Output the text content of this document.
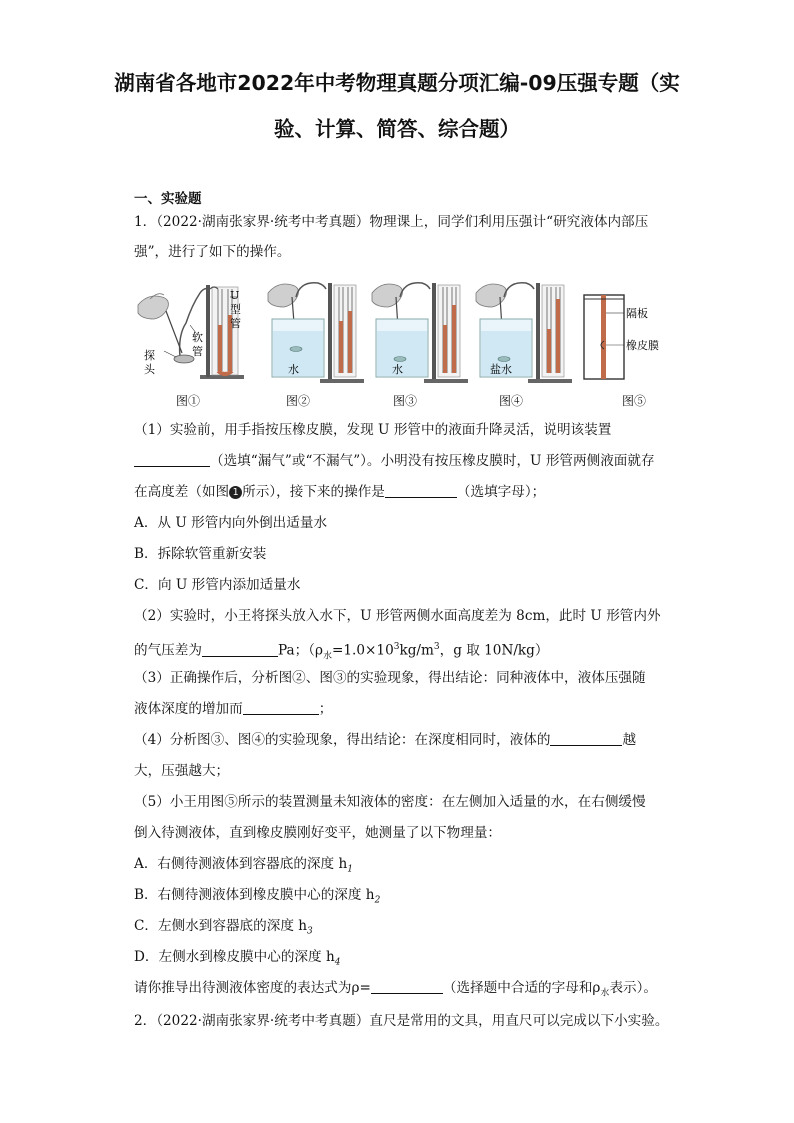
湖南省各地市2022年中考物理真题分项汇编-09压强专题（实
验、计算、简答、综合题）
一、实验题
1．（2022·湖南张家界·统考中考真题）物理课上，同学们利用压强计“研究液体内部压
强”，进行了如下的操作。
U
型
管
软
管
探
头	水	水	盐水
隔板
橡皮膜
图①	图②	图③	图④	图⑤
（1）实验前，用手指按压橡皮膜，发现 U 形管中的液面升降灵活，说明该装置
（选填“漏气”或“不漏气”）。小明没有按压橡皮膜时，U 形管两侧液面就存
在高度差（如图 1 所示），接下来的操作是	（选填字母）；
A．从 U 形管内向外倒出适量水
B．拆除软管重新安装
C．向 U 形管内添加适量水
（2）实验时，小王将探头放入水下，U 形管两侧水面高度差为 8cm，此时 U 形管内外
的气压差为	Pa；（$\rho_水=1.0\times 10^3kg/m^3$，g 取 10N/kg）
（3）正确操作后，分析图②、图③的实验现象，得出结论：同种液体中，液体压强随
液体深度的增加而	；
（4）分析图③、图④的实验现象，得出结论：在深度相同时，液体的	越
大，压强越大；
（5）小王用图⑤所示的装置测量未知液体的密度：在左侧加入适量的水，在右侧缓慢
倒入待测液体，直到橡皮膜刚好变平，她测量了以下物理量：
A．右侧待测液体到容器底的深度 $h_1$
B．右侧待测液体到橡皮膜中心的深度 $h_2$
C．左侧水到容器底的深度 $h_3$
D．左侧水到橡皮膜中心的深度 $h_4$
请你推导出待测液体密度的表达式为ρ=	（选择题中合适的字母和$\rho_水$表示）。
2．（2022·湖南张家界·统考中考真题）直尺是常用的文具，用直尺可以完成以下小实验。
